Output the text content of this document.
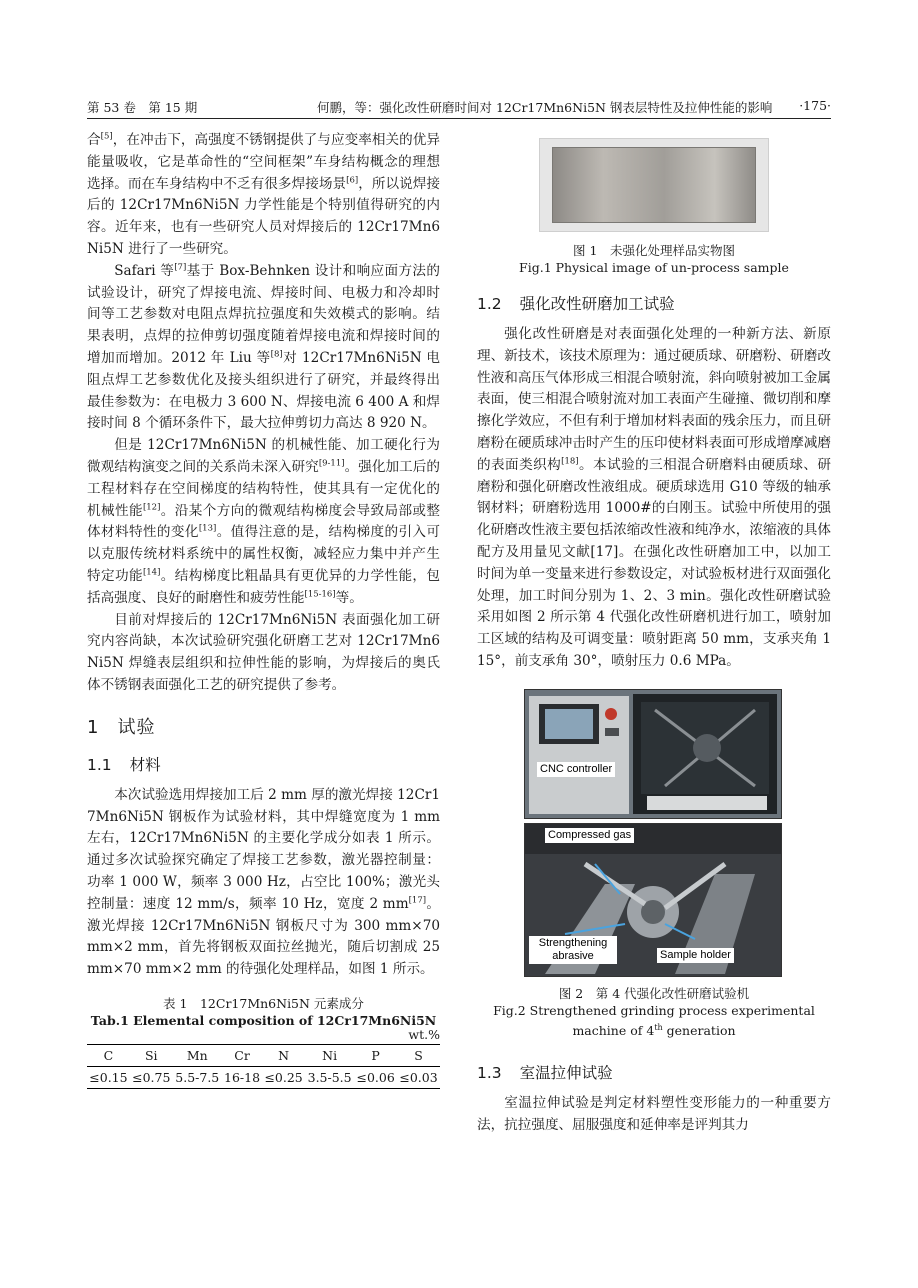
第 53 卷　第 15 期	何鹏，等：强化改性研磨时间对 12Cr17Mn6Ni5N 钢表层特性及拉伸性能的影响 ·175·

合[5]，在冲击下，高强度不锈钢提供了与应变率相关的优异能量吸收，它是革命性的“空间框架”车身结构概念的理想选择。而在车身结构中不乏有很多焊接场景[6]，所以说焊接后的 12Cr17Mn6Ni5N 力学性能是个特别值得研究的内容。近年来，也有一些研究人员对焊接后的 12Cr17Mn6Ni5N 进行了一些研究。

Safari 等[7]基于 Box-Behnken 设计和响应面方法的试验设计，研究了焊接电流、焊接时间、电极力和冷却时间等工艺参数对电阻点焊抗拉强度和失效模式的影响。结果表明，点焊的拉伸剪切强度随着焊接电流和焊接时间的增加而增加。2012 年 Liu 等[8]对 12Cr17Mn6Ni5N 电阻点焊工艺参数优化及接头组织进行了研究，并最终得出最佳参数为：在电极力 3 600 N、焊接电流 6 400 A 和焊接时间 8 个循环条件下，最大拉伸剪切力高达 8 920 N。

但是 12Cr17Mn6Ni5N 的机械性能、加工硬化行为微观结构演变之间的关系尚未深入研究[9-11]。强化加工后的工程材料存在空间梯度的结构特性，使其具有一定优化的机械性能[12]。沿某个方向的微观结构梯度会导致局部或整体材料特性的变化[13]。值得注意的是，结构梯度的引入可以克服传统材料系统中的属性权衡，减轻应力集中并产生特定功能[14]。结构梯度比粗晶具有更优异的力学性能，包括高强度、良好的耐磨性和疲劳性能[15-16]等。

目前对焊接后的 12Cr17Mn6Ni5N 表面强化加工研究内容尚缺，本次试验研究强化研磨工艺对 12Cr17Mn6Ni5N 焊缝表层组织和拉伸性能的影响，为焊接后的奥氏体不锈钢表面强化工艺的研究提供了参考。

1 试验
1.1 材料

本次试验选用焊接加工后 2 mm 厚的激光焊接 12Cr17Mn6Ni5N 钢板作为试验材料，其中焊缝宽度为 1 mm 左右，12Cr17Mn6Ni5N 的主要化学成分如表 1 所示。通过多次试验探究确定了焊接工艺参数，激光器控制量：功率 1 000 W，频率 3 000 Hz，占空比 100%；激光头控制量：速度 12 mm/s，频率 10 Hz，宽度 2 mm[17]。激光焊接 12Cr17Mn6Ni5N 钢板尺寸为 300 mm×70 mm×2 mm，首先将钢板双面拉丝抛光，随后切割成 25 mm×70 mm×2 mm 的待强化处理样品，如图 1 所示。

表 1　12Cr17Mn6Ni5N 元素成分
Tab.1 Elemental composition of 12Cr17Mn6Ni5N
wt.%
C	Si	Mn	Cr	N	Ni	P	S
≤0.15	≤0.75	5.5-7.5	16-18	≤0.25	3.5-5.5	≤0.06	≤0.03
图 1　未强化处理样品实物图
Fig.1 Physical image of un-process sample
1.2 强化改性研磨加工试验

强化改性研磨是对表面强化处理的一种新方法、新原理、新技术，该技术原理为：通过硬质球、研磨粉、研磨改性液和高压气体形成三相混合喷射流，斜向喷射被加工金属表面，使三相混合喷射流对加工表面产生碰撞、微切削和摩擦化学效应，不但有利于增加材料表面的残余压力，而且研磨粉在硬质球冲击时产生的压印使材料表面可形成增摩减磨的表面类织构[18]。本试验的三相混合研磨料由硬质球、研磨粉和强化研磨改性液组成。硬质球选用 G10 等级的轴承钢材料；研磨粉选用 1000#的白刚玉。试验中所使用的强化研磨改性液主要包括浓缩改性液和纯净水，浓缩液的具体配方及用量见文献[17]。在强化改性研磨加工中，以加工时间为单一变量来进行参数设定，对试验板材进行双面强化处理，加工时间分别为 1、2、3 min。强化改性研磨试验采用如图 2 所示第 4 代强化改性研磨机进行加工，喷射加工区域的结构及可调变量：喷射距离 50 mm，支承夹角 115°，前支承角 30°，喷射压力 0.6 MPa。

CNC controller
Compressed gas
Strengthening abrasive	Sample holder
图 2　第 4 代强化改性研磨试验机
Fig.2 Strengthened grinding process experimental
machine of 4th generation
1.3 室温拉伸试验

室温拉伸试验是判定材料塑性变形能力的一种重要方法，抗拉强度、屈服强度和延伸率是评判其力
